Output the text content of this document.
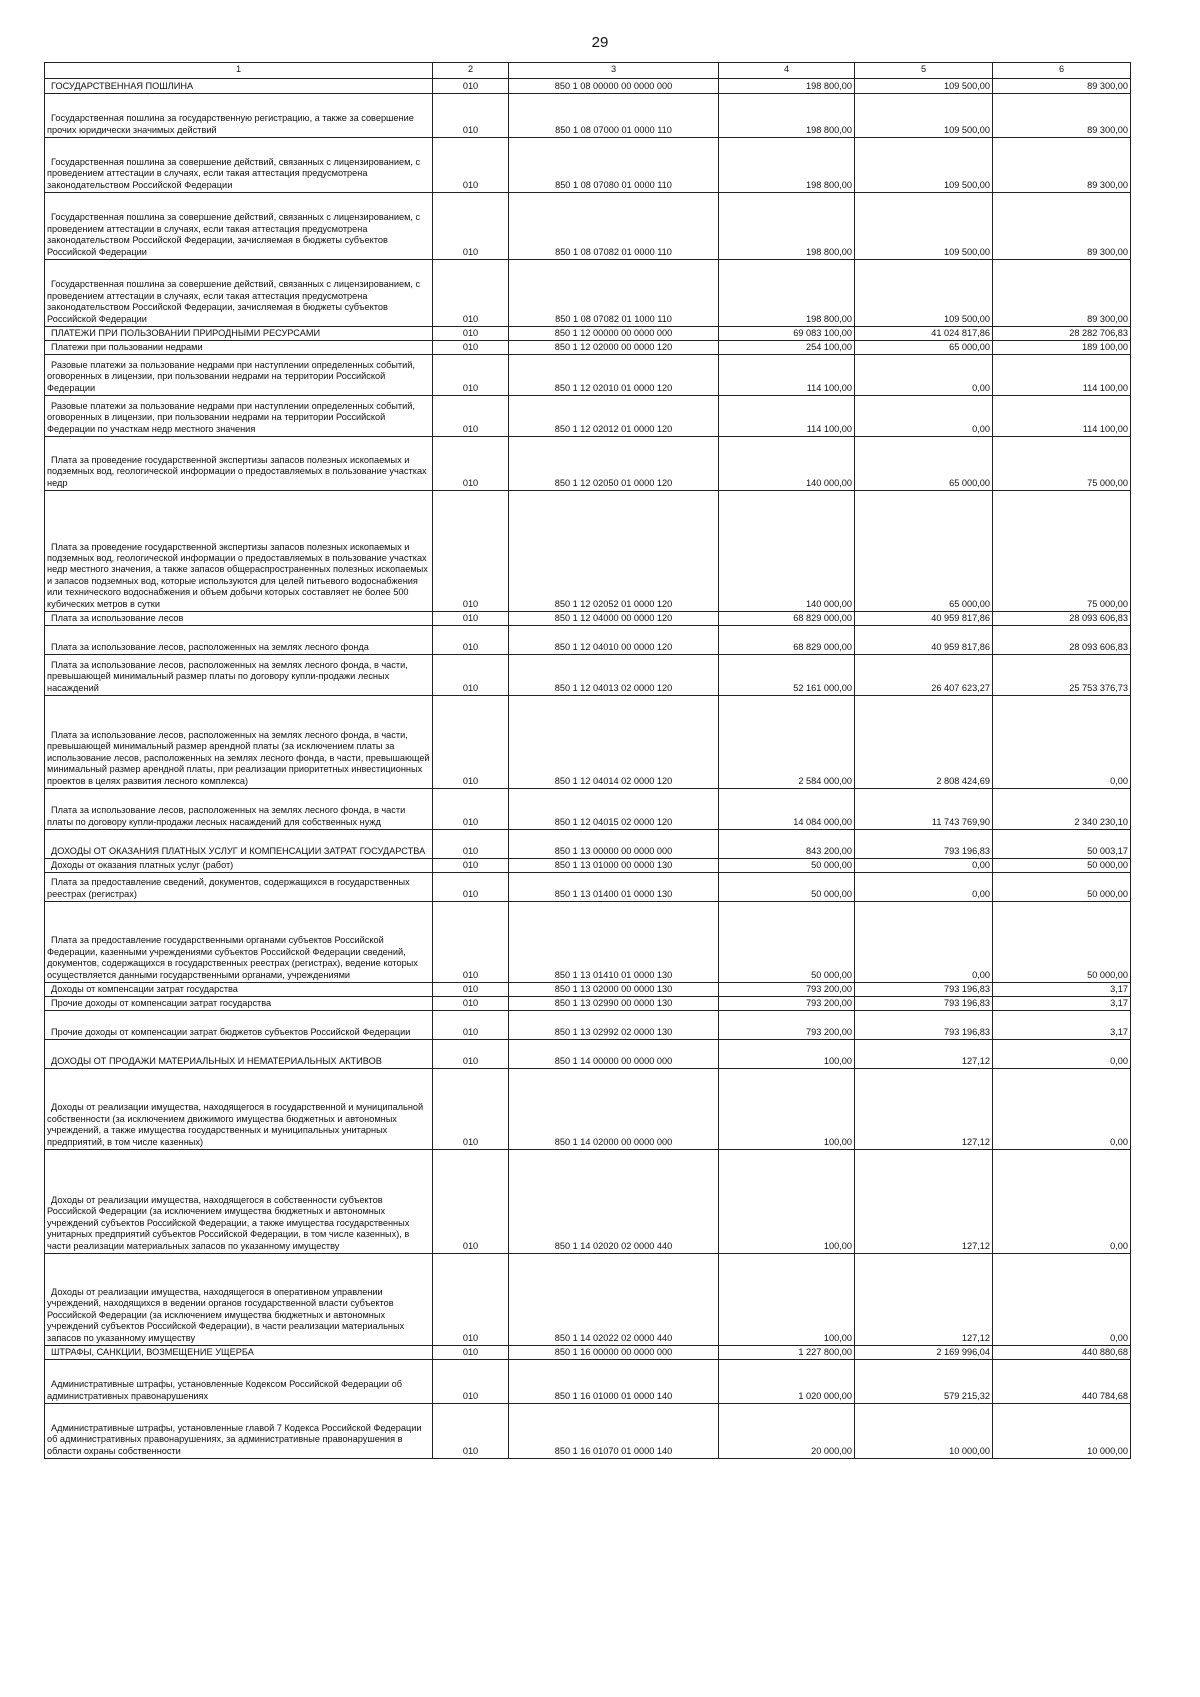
29
1	2	3	4	5	6
ГОСУДАРСТВЕННАЯ ПОШЛИНА	010	850 1 08 00000 00 0000 000	198 800,00	109 500,00	89 300,00
Государственная пошлина за государственную регистрацию, а также за совершение прочих юридически значимых действий	010	850 1 08 07000 01 0000 110	198 800,00	109 500,00	89 300,00
Государственная пошлина за совершение действий, связанных с лицензированием, с проведением аттестации в случаях, если такая аттестация предусмотрена законодательством Российской Федерации	010	850 1 08 07080 01 0000 110	198 800,00	109 500,00	89 300,00
Государственная пошлина за совершение действий, связанных с лицензированием, с проведением аттестации в случаях, если такая аттестация предусмотрена законодательством Российской Федерации, зачисляемая в бюджеты субъектов Российской Федерации	010	850 1 08 07082 01 0000 110	198 800,00	109 500,00	89 300,00
Государственная пошлина за совершение действий, связанных с лицензированием, с проведением аттестации в случаях, если такая аттестация предусмотрена законодательством Российской Федерации, зачисляемая в бюджеты субъектов Российской Федерации	010	850 1 08 07082 01 1000 110	198 800,00	109 500,00	89 300,00
ПЛАТЕЖИ ПРИ ПОЛЬЗОВАНИИ ПРИРОДНЫМИ РЕСУРСАМИ	010	850 1 12 00000 00 0000 000	69 083 100,00	41 024 817,86	28 282 706,83
Платежи при пользовании недрами	010	850 1 12 02000 00 0000 120	254 100,00	65 000,00	189 100,00
Разовые платежи за пользование недрами при наступлении определенных событий, оговоренных в лицензии, при пользовании недрами на территории Российской Федерации	010	850 1 12 02010 01 0000 120	114 100,00	0,00	114 100,00
Разовые платежи за пользование недрами при наступлении определенных событий, оговоренных в лицензии, при пользовании недрами на территории Российской Федерации по участкам недр местного значения	010	850 1 12 02012 01 0000 120	114 100,00	0,00	114 100,00
Плата за проведение государственной экспертизы запасов полезных ископаемых и подземных вод, геологической информации о предоставляемых в пользование участках недр	010	850 1 12 02050 01 0000 120	140 000,00	65 000,00	75 000,00
Плата за проведение государственной экспертизы запасов полезных ископаемых и подземных вод, геологической информации о предоставляемых в пользование участках недр местного значения, а также запасов общераспространенных полезных ископаемых и запасов подземных вод, которые используются для целей питьевого водоснабжения или технического водоснабжения и объем добычи которых составляет не более 500 кубических метров в сутки	010	850 1 12 02052 01 0000 120	140 000,00	65 000,00	75 000,00
Плата за использование лесов	010	850 1 12 04000 00 0000 120	68 829 000,00	40 959 817,86	28 093 606,83
Плата за использование лесов, расположенных на землях лесного фонда	010	850 1 12 04010 00 0000 120	68 829 000,00	40 959 817,86	28 093 606,83
Плата за использование лесов, расположенных на землях лесного фонда, в части, превышающей минимальный размер платы по договору купли-продажи лесных насаждений	010	850 1 12 04013 02 0000 120	52 161 000,00	26 407 623,27	25 753 376,73
Плата за использование лесов, расположенных на землях лесного фонда, в части, превышающей минимальный размер арендной платы (за исключением платы за использование лесов, расположенных на землях лесного фонда, в части, превышающей минимальный размер арендной платы, при реализации приоритетных инвестиционных проектов в целях развития лесного комплекса)	010	850 1 12 04014 02 0000 120	2 584 000,00	2 808 424,69	0,00
Плата за использование лесов, расположенных на землях лесного фонда, в части платы по договору купли-продажи лесных насаждений для собственных нужд	010	850 1 12 04015 02 0000 120	14 084 000,00	11 743 769,90	2 340 230,10
ДОХОДЫ ОТ ОКАЗАНИЯ ПЛАТНЫХ УСЛУГ И КОМПЕНСАЦИИ ЗАТРАТ ГОСУДАРСТВА	010	850 1 13 00000 00 0000 000	843 200,00	793 196,83	50 003,17
Доходы от оказания платных услуг (работ)	010	850 1 13 01000 00 0000 130	50 000,00	0,00	50 000,00
Плата за предоставление сведений, документов, содержащихся в государственных реестрах (регистрах)	010	850 1 13 01400 01 0000 130	50 000,00	0,00	50 000,00
Плата за предоставление государственными органами субъектов Российской Федерации, казенными учреждениями субъектов Российской Федерации сведений, документов, содержащихся в государственных реестрах (регистрах), ведение которых осуществляется данными государственными органами, учреждениями	010	850 1 13 01410 01 0000 130	50 000,00	0,00	50 000,00
Доходы от компенсации затрат государства	010	850 1 13 02000 00 0000 130	793 200,00	793 196,83	3,17
Прочие доходы от компенсации затрат государства	010	850 1 13 02990 00 0000 130	793 200,00	793 196,83	3,17
Прочие доходы от компенсации затрат бюджетов субъектов Российской Федерации	010	850 1 13 02992 02 0000 130	793 200,00	793 196,83	3,17
ДОХОДЫ ОТ ПРОДАЖИ МАТЕРИАЛЬНЫХ И НЕМАТЕРИАЛЬНЫХ АКТИВОВ	010	850 1 14 00000 00 0000 000	100,00	127,12	0,00
Доходы от реализации имущества, находящегося в государственной и муниципальной собственности (за исключением движимого имущества бюджетных и автономных учреждений, а также имущества государственных и муниципальных унитарных предприятий, в том числе казенных)	010	850 1 14 02000 00 0000 000	100,00	127,12	0,00
Доходы от реализации имущества, находящегося в собственности субъектов Российской Федерации (за исключением имущества бюджетных и автономных учреждений субъектов Российской Федерации, а также имущества государственных унитарных предприятий субъектов Российской Федерации, в том числе казенных), в части реализации материальных запасов по указанному имуществу	010	850 1 14 02020 02 0000 440	100,00	127,12	0,00
Доходы от реализации имущества, находящегося в оперативном управлении учреждений, находящихся в ведении органов государственной власти субъектов Российской Федерации (за исключением имущества бюджетных и автономных учреждений субъектов Российской Федерации), в части реализации материальных запасов по указанному имуществу	010	850 1 14 02022 02 0000 440	100,00	127,12	0,00
ШТРАФЫ, САНКЦИИ, ВОЗМЕЩЕНИЕ УЩЕРБА	010	850 1 16 00000 00 0000 000	1 227 800,00	2 169 996,04	440 880,68
Административные штрафы, установленные Кодексом Российской Федерации об административных правонарушениях	010	850 1 16 01000 01 0000 140	1 020 000,00	579 215,32	440 784,68
Административные штрафы, установленные главой 7 Кодекса Российской Федерации об административных правонарушениях, за административные правонарушения в области охраны собственности	010	850 1 16 01070 01 0000 140	20 000,00	10 000,00	10 000,00
